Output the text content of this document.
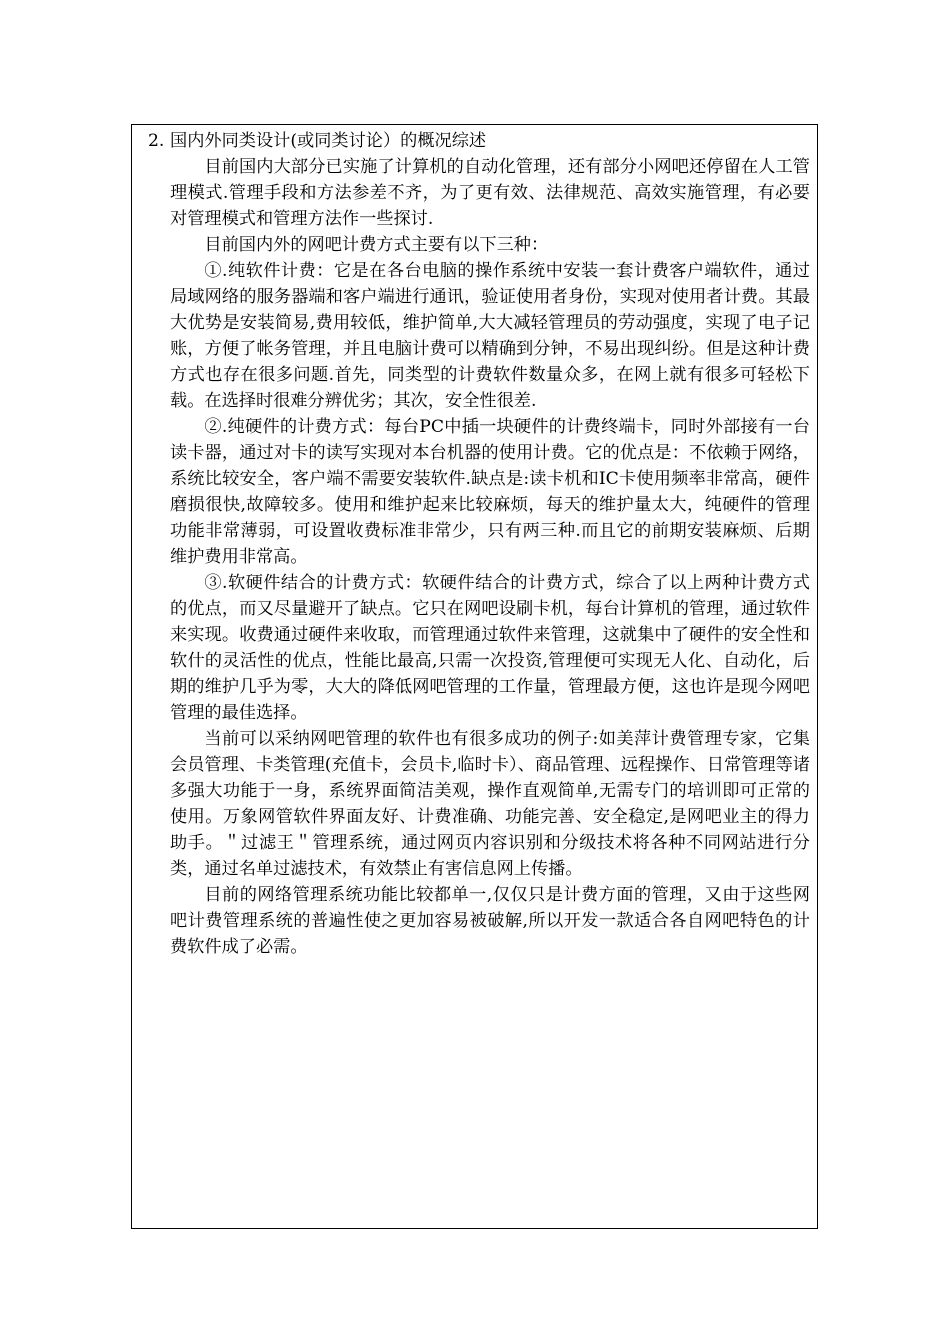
2. 国内外同类设计(或同类讨论）的概况综述

目前国内大部分已实施了计算机的自动化管理，还有部分小网吧还停留在人工管理模式.管理手段和方法参差不齐，为了更有效、法律规范、高效实施管理，有必要对管理模式和管理方法作一些探讨.

目前国内外的网吧计费方式主要有以下三种：

①.纯软件计费：它是在各台电脑的操作系统中安装一套计费客户端软件，通过局域网络的服务器端和客户端进行通讯，验证使用者身份，实现对使用者计费。其最大优势是安装简易,费用较低，维护简单,大大减轻管理员的劳动强度，实现了电子记账，方便了帐务管理，并且电脑计费可以精确到分钟，不易出现纠纷。但是这种计费方式也存在很多问题.首先，同类型的计费软件数量众多，在网上就有很多可轻松下载。在选择时很难分辨优劣；其次，安全性很差.

②.纯硬件的计费方式：每台PC中插一块硬件的计费终端卡，同时外部接有一台读卡器，通过对卡的读写实现对本台机器的使用计费。它的优点是：不依赖于网络，系统比较安全，客户端不需要安装软件.缺点是:读卡机和IC卡使用频率非常高，硬件磨损很快,故障较多。使用和维护起来比较麻烦，每天的维护量太大，纯硬件的管理功能非常薄弱，可设置收费标准非常少，只有两三种.而且它的前期安装麻烦、后期维护费用非常高。

③.软硬件结合的计费方式：软硬件结合的计费方式，综合了以上两种计费方式的优点，而又尽量避开了缺点。它只在网吧设刷卡机，每台计算机的管理，通过软件来实现。收费通过硬件来收取，而管理通过软件来管理，这就集中了硬件的安全性和软什的灵活性的优点，性能比最高,只需一次投资,管理便可实现无人化、自动化，后期的维护几乎为零，大大的降低网吧管理的工作量，管理最方便，这也许是现今网吧管理的最佳选择。

当前可以采纳网吧管理的软件也有很多成功的例子:如美萍计费管理专家，它集会员管理、卡类管理(充值卡，会员卡,临时卡）、商品管理、远程操作、日常管理等诸多强大功能于一身，系统界面简洁美观，操作直观简单,无需专门的培训即可正常的使用。万象网管软件界面友好、计费准确、功能完善、安全稳定,是网吧业主的得力助手。＂过滤王＂管理系统，通过网页内容识别和分级技术将各种不同网站进行分类，通过名单过滤技术，有效禁止有害信息网上传播。

目前的网络管理系统功能比较都单一,仅仅只是计费方面的管理，又由于这些网吧计费管理系统的普遍性使之更加容易被破解,所以开发一款适合各自网吧特色的计费软件成了必需。
